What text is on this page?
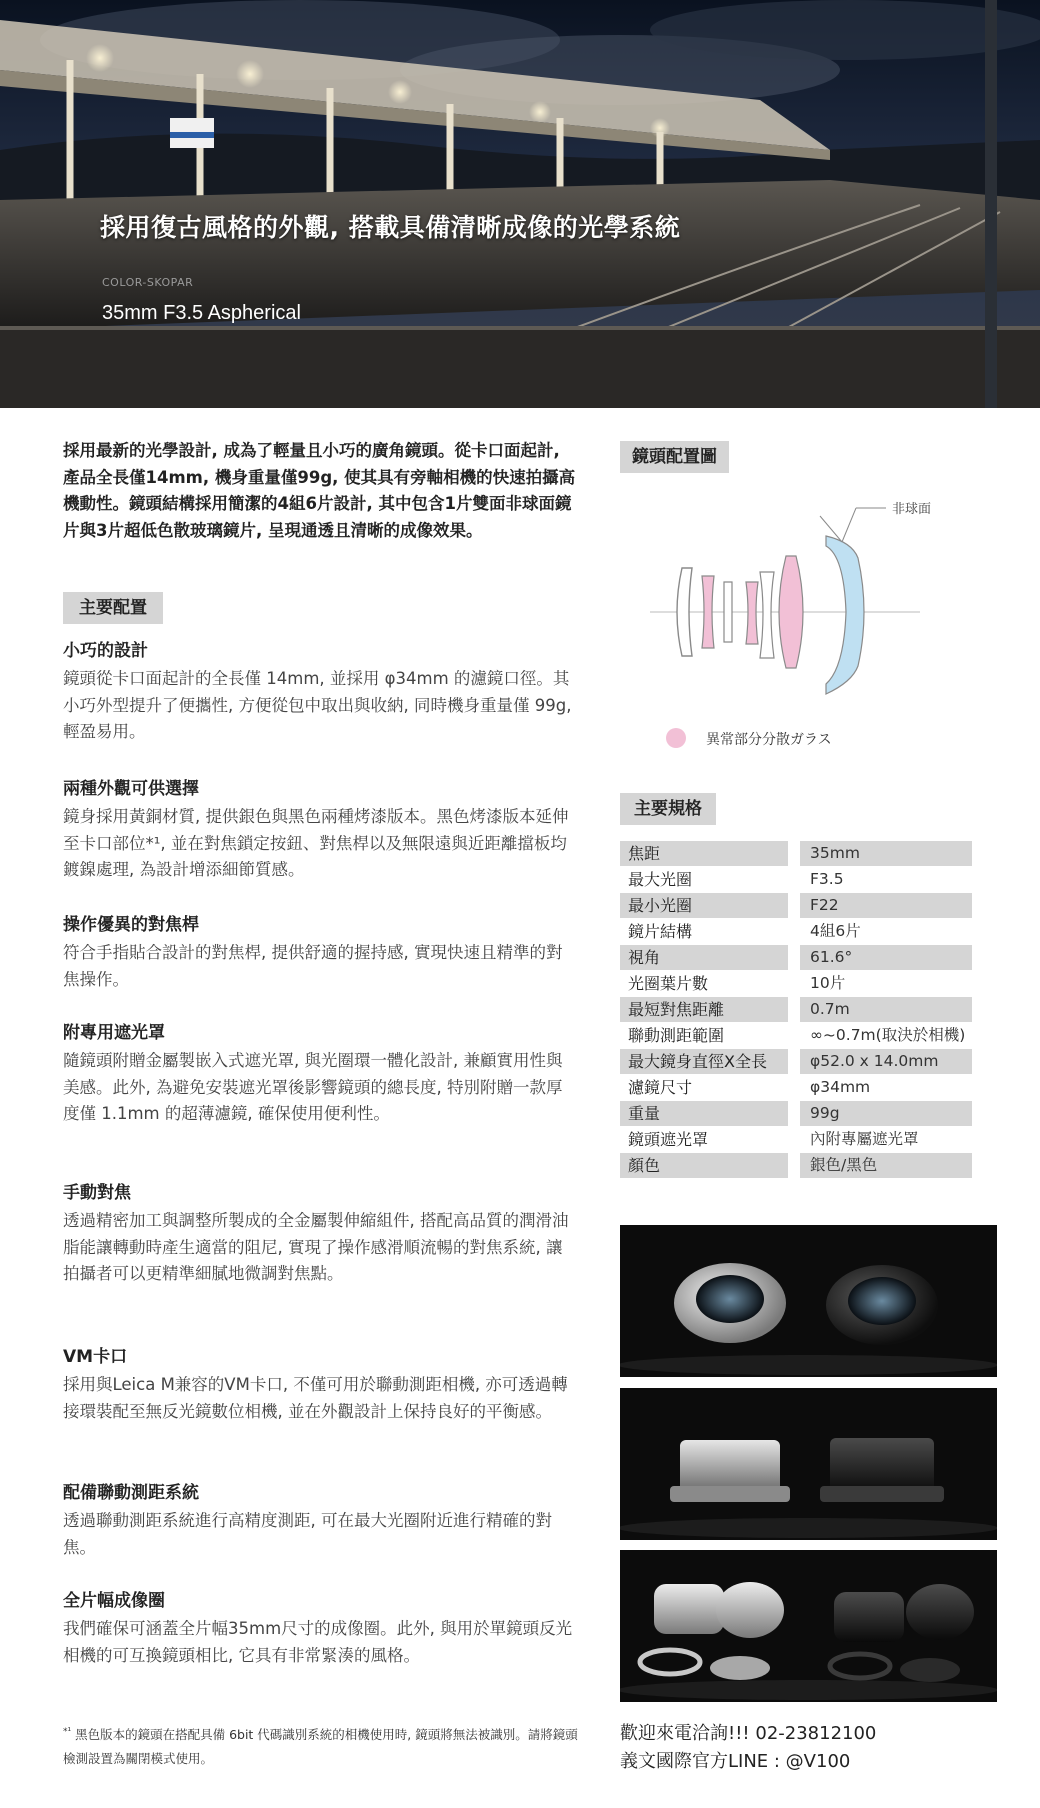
採用復古風格的外觀, 搭載具備清晰成像的光學系統
COLOR-SKOPAR
35mm F3.5 Aspherical
採用最新的光學設計, 成為了輕量且小巧的廣角鏡頭。從卡口面起計, 產品全長僅14mm, 機身重量僅99g, 使其具有旁軸相機的快速拍攝高機動性。鏡頭結構採用簡潔的4組6片設計, 其中包含1片雙面非球面鏡片與3片超低色散玻璃鏡片, 呈現通透且清晰的成像效果。
主要配置
小巧的設計

鏡頭從卡口面起計的全長僅 14mm, 並採用 φ34mm 的濾鏡口徑。其小巧外型提升了便攜性, 方便從包中取出與收納, 同時機身重量僅 99g, 輕盈易用。

兩種外觀可供選擇

鏡身採用黃銅材質, 提供銀色與黑色兩種烤漆版本。黑色烤漆版本延伸至卡口部位*¹, 並在對焦鎖定按鈕、對焦桿以及無限遠與近距離擋板均鍍鎳處理, 為設計增添細節質感。

操作優異的對焦桿

符合手指貼合設計的對焦桿, 提供舒適的握持感, 實現快速且精準的對焦操作。

附專用遮光罩

隨鏡頭附贈金屬製嵌入式遮光罩, 與光圈環一體化設計, 兼顧實用性與美感。此外, 為避免安裝遮光罩後影響鏡頭的總長度, 特別附贈一款厚度僅 1.1mm 的超薄濾鏡, 確保使用便利性。

手動對焦

透過精密加工與調整所製成的全金屬製伸縮組件, 搭配高品質的潤滑油脂能讓轉動時產生適當的阻尼, 實現了操作感滑順流暢的對焦系統, 讓拍攝者可以更精準細膩地微調對焦點。

VM卡口

採用與Leica M兼容的VM卡口, 不僅可用於聯動測距相機, 亦可透過轉接環裝配至無反光鏡數位相機, 並在外觀設計上保持良好的平衡感。

配備聯動測距系統

透過聯動測距系統進行高精度測距, 可在最大光圈附近進行精確的對焦。

全片幅成像圈

我們確保可涵蓋全片幅35mm尺寸的成像圈。此外, 與用於單鏡頭反光相機的可互換鏡頭相比, 它具有非常緊湊的風格。

$^{*^1}$ 黑色版本的鏡頭在搭配具備 6bit 代碼識別系統的相機使用時, 鏡頭將無法被識別。請將鏡頭檢測設置為關閉模式使用。
鏡頭配置圖
非球面
異常部分分散ガラス
主要規格
焦距	35mm
最大光圈	F3.5
最小光圈	F22
鏡片結構	4組6片
視角	61.6°
光圈葉片數	10片
最短對焦距離	0.7m
聯動測距範圍	∞~0.7m(取決於相機)
最大鏡身直徑X全長	φ52.0 x 14.0mm
濾鏡尺寸	φ34mm
重量	99g
鏡頭遮光罩	內附專屬遮光罩
顏色	銀色/黑色
歡迎來電洽詢!!! 02-23812100
義文國際官方LINE : @V100
